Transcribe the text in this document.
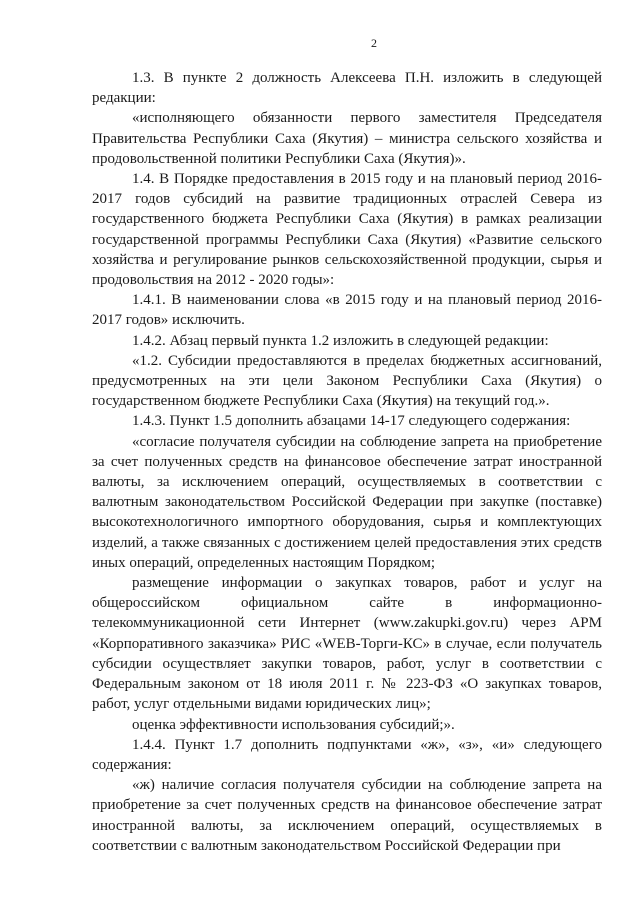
2

1.3. В пункте 2 должность Алексеева П.Н. изложить в следующей редакции:

«исполняющего обязанности первого заместителя Председателя Правительства Республики Саха (Якутия) – министра сельского хозяйства и продовольственной политики Республики Саха (Якутия)».

1.4. В Порядке предоставления в 2015 году и на плановый период 2016-2017 годов субсидий на развитие традиционных отраслей Севера из государственного бюджета Республики Саха (Якутия) в рамках реализации государственной программы Республики Саха (Якутия) «Развитие сельского хозяйства и регулирование рынков сельскохозяйственной продукции, сырья и продовольствия на 2012 - 2020 годы»:

1.4.1. В наименовании слова «в 2015 году и на плановый период 2016-2017 годов» исключить.

1.4.2. Абзац первый пункта 1.2 изложить в следующей редакции:

«1.2. Субсидии предоставляются в пределах бюджетных ассигнований, предусмотренных на эти цели Законом Республики Саха (Якутия) о государственном бюджете Республики Саха (Якутия) на текущий год.».

1.4.3. Пункт 1.5 дополнить абзацами 14-17 следующего содержания:

«согласие получателя субсидии на соблюдение запрета на приобретение за счет полученных средств на финансовое обеспечение затрат иностранной валюты, за исключением операций, осуществляемых в соответствии с валютным законодательством Российской Федерации при закупке (поставке) высокотехнологичного импортного оборудования, сырья и комплектующих изделий, а также связанных с достижением целей предоставления этих средств иных операций, определенных настоящим Порядком;

размещение информации о закупках товаров, работ и услуг на общероссийском официальном сайте в информационно-телекоммуникационной сети Интернет (www.zakupki.gov.ru) через АРМ «Корпоративного заказчика» РИС «WEB-Торги-КС» в случае, если получатель субсидии осуществляет закупки товаров, работ, услуг в соответствии с Федеральным законом от 18 июля 2011 г. № 223-ФЗ «О закупках товаров, работ, услуг отдельными видами юридических лиц»;

оценка эффективности использования субсидий;».

1.4.4. Пункт 1.7 дополнить подпунктами «ж», «з», «и» следующего содержания:

«ж) наличие согласия получателя субсидии на соблюдение запрета на приобретение за счет полученных средств на финансовое обеспечение затрат иностранной валюты, за исключением операций, осуществляемых в соответствии с валютным законодательством Российской Федерации при
